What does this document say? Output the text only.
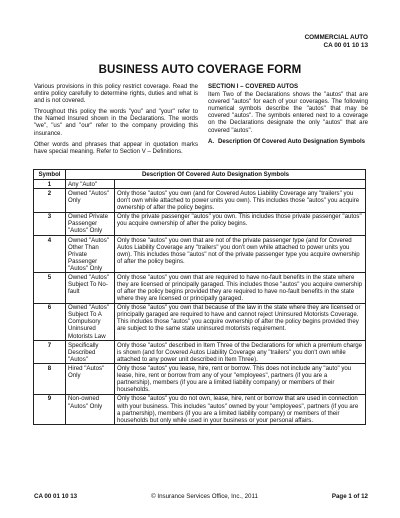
COMMERCIAL AUTO
CA 00 01 10 13
BUSINESS AUTO COVERAGE FORM

Various provisions in this policy restrict coverage. Read the entire policy carefully to determine rights, duties and what is and is not covered.

Throughout this policy the words "you" and "your" refer to the Named Insured shown in the Declarations. The words "we", "us" and "our" refer to the company providing this insurance.

Other words and phrases that appear in quotation marks have special meaning. Refer to Section V – Definitions.

SECTION I – COVERED AUTOS

Item Two of the Declarations shows the "autos" that are covered "autos" for each of your coverages. The following numerical symbols describe the "autos" that may be covered "autos". The symbols entered next to a coverage on the Declarations designate the only "autos" that are covered "autos".

A. Description Of Covered Auto Designation Symbols
Symbol	Description Of Covered Auto Designation Symbols	
1	Any "Auto"	
2	Owned "Autos" Only	Only those "autos" you own (and for Covered Autos Liability Coverage any "trailers" you don't own while attached to power units you own). This includes those "autos" you acquire ownership of after the policy begins.
3	Owned Private Passenger "Autos" Only	Only the private passenger "autos" you own. This includes those private passenger "autos" you acquire ownership of after the policy begins.
4	Owned "Autos" Other Than Private Passenger "Autos" Only	Only those "autos" you own that are not of the private passenger type (and for Covered Autos Liability Coverage any "trailers" you don't own while attached to power units you own). This includes those "autos" not of the private passenger type you acquire ownership of after the policy begins.
5	Owned "Autos" Subject To No-fault	Only those "autos" you own that are required to have no-fault benefits in the state where they are licensed or principally garaged. This includes those "autos" you acquire ownership of after the policy begins provided they are required to have no-fault benefits in the state where they are licensed or principally garaged.
6	Owned "Autos" Subject To A Compulsory Uninsured Motorists Law	Only those "autos" you own that because of the law in the state where they are licensed or principally garaged are required to have and cannot reject Uninsured Motorists Coverage. This includes those "autos" you acquire ownership of after the policy begins provided they are subject to the same state uninsured motorists requirement.
7	Specifically Described "Autos"	Only those "autos" described in Item Three of the Declarations for which a premium charge is shown (and for Covered Autos Liability Coverage any "trailers" you don't own while attached to any power unit described in Item Three).
8	Hired "Autos" Only	Only those "autos" you lease, hire, rent or borrow. This does not include any "auto" you lease, hire, rent or borrow from any of your "employees", partners (if you are a partnership), members (if you are a limited liability company) or members of their households.
9	Non-owned "Autos" Only	Only those "autos" you do not own, lease, hire, rent or borrow that are used in connection with your business. This includes "autos" owned by your "employees", partners (if you are a partnership), members (if you are a limited liability company) or members of their households but only while used in your business or your personal affairs.
CA 00 01 10 13	© Insurance Services Office, Inc., 2011	Page 1 of 12
